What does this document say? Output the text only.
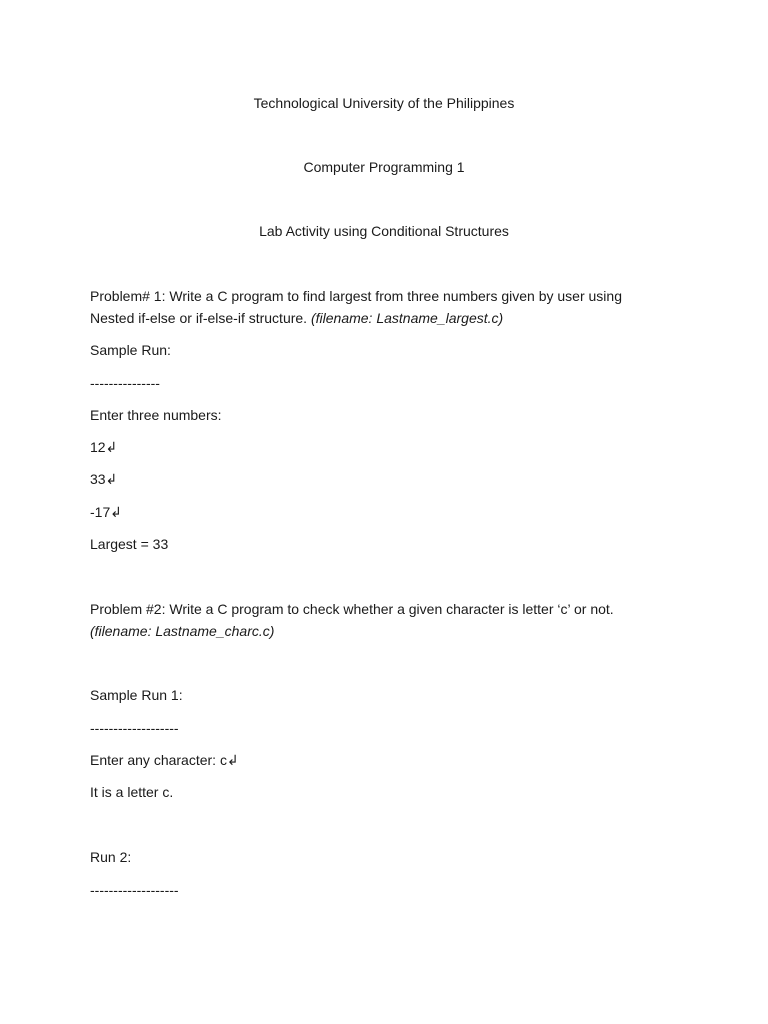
Technological University of the Philippines

Computer Programming 1

Lab Activity using Conditional Structures

Problem# 1: Write a C program to find largest from three numbers given by user using
Nested if-else or if-else-if structure. (filename: Lastname_largest.c)

Sample Run:

---------------

Enter three numbers:

12↲

33↲

-17↲

Largest = 33

Problem #2: Write a C program to check whether a given character is letter ‘c’ or not.
(filename: Lastname_charc.c)

Sample Run 1:

-------------------

Enter any character: c↲

It is a letter c.

Run 2:

-------------------
